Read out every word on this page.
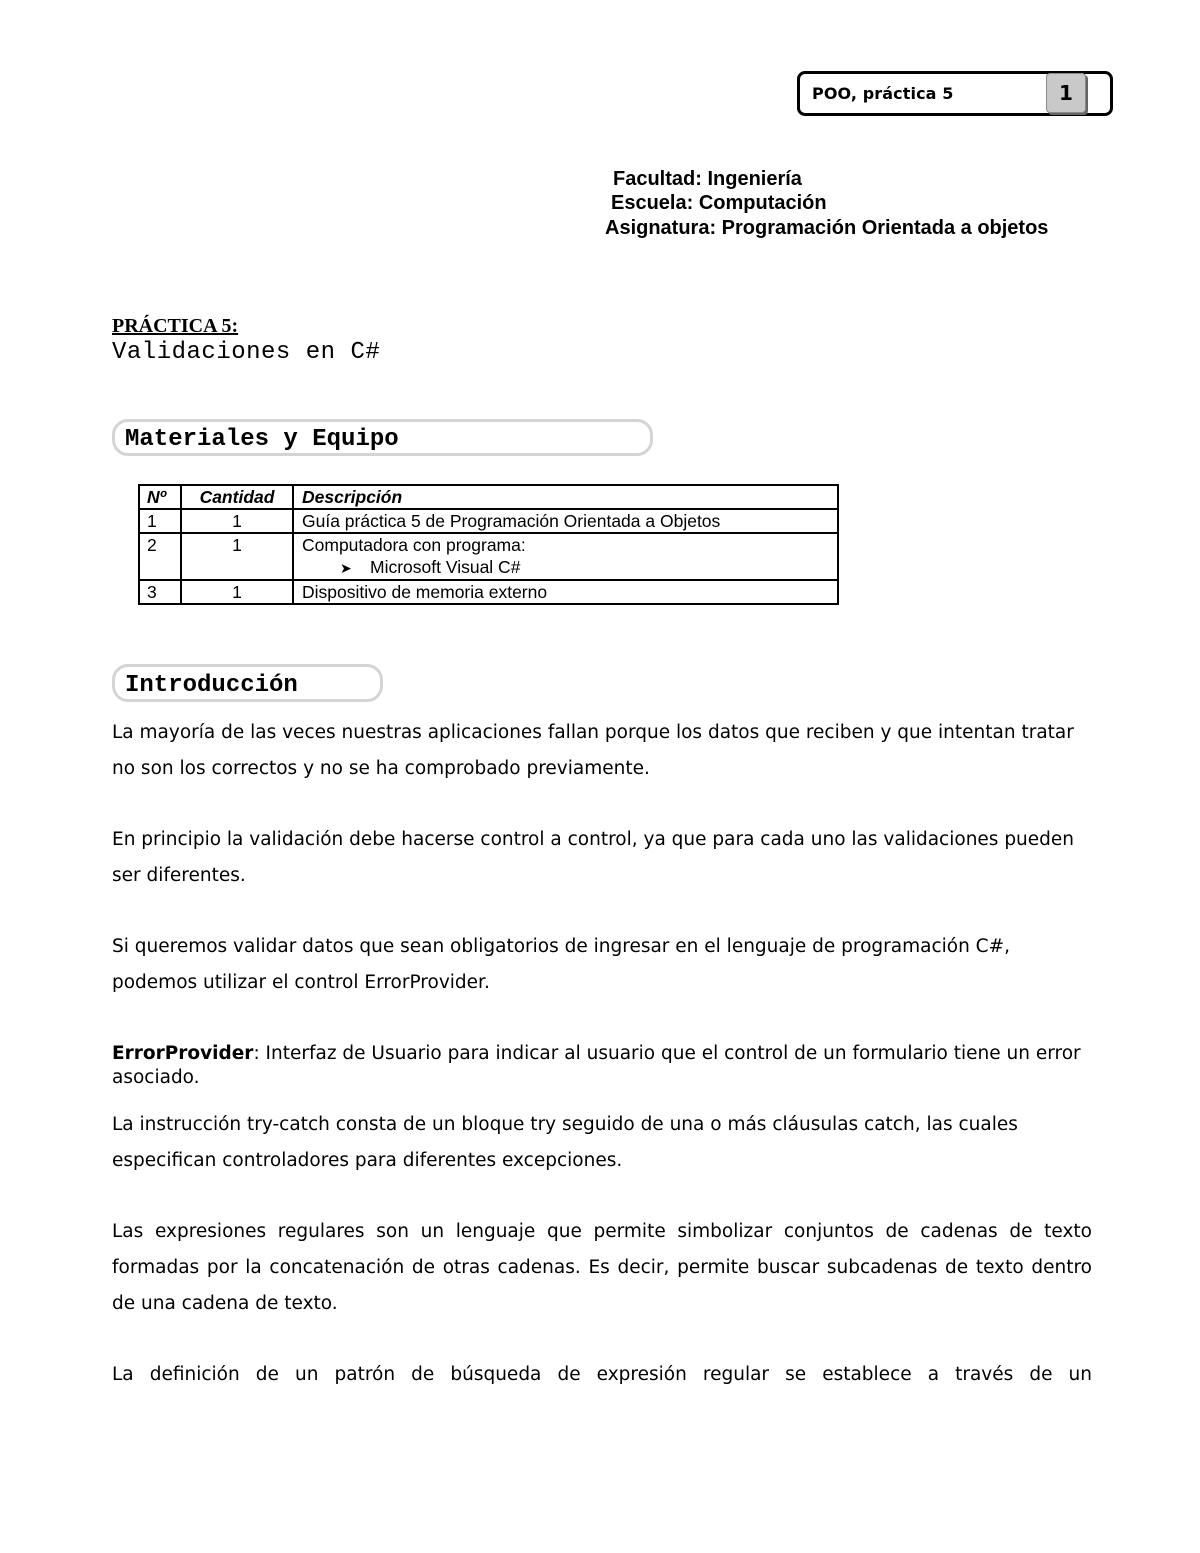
POO, práctica 5	1
Facultad: Ingeniería
Escuela: Computación
Asignatura: Programación Orientada a objetos
PRÁCTICA 5:
Validaciones en C#
Materiales y Equipo
Nº	Cantidad	Descripción
1	1	Guía práctica 5 de Programación Orientada a Objetos
2	1	Computadora con programa:
➤ Microsoft Visual C#

3	1	Dispositivo de memoria externo
Introducción
La mayoría de las veces nuestras aplicaciones fallan porque los datos que reciben y que intentan tratar no son los correctos y no se ha comprobado previamente.
En principio la validación debe hacerse control a control, ya que para cada uno las validaciones pueden ser diferentes.
Si queremos validar datos que sean obligatorios de ingresar en el lenguaje de programación C#, podemos utilizar el control ErrorProvider.
ErrorProvider: Interfaz de Usuario para indicar al usuario que el control de un formulario tiene un error asociado.
La instrucción try-catch consta de un bloque try seguido de una o más cláusulas catch, las cuales especifican controladores para diferentes excepciones.
Las expresiones regulares son un lenguaje que permite simbolizar conjuntos de cadenas de texto formadas por la concatenación de otras cadenas. Es decir, permite buscar subcadenas de texto dentro de una cadena de texto.
La definición de un patrón de búsqueda de expresión regular se establece a través de un
